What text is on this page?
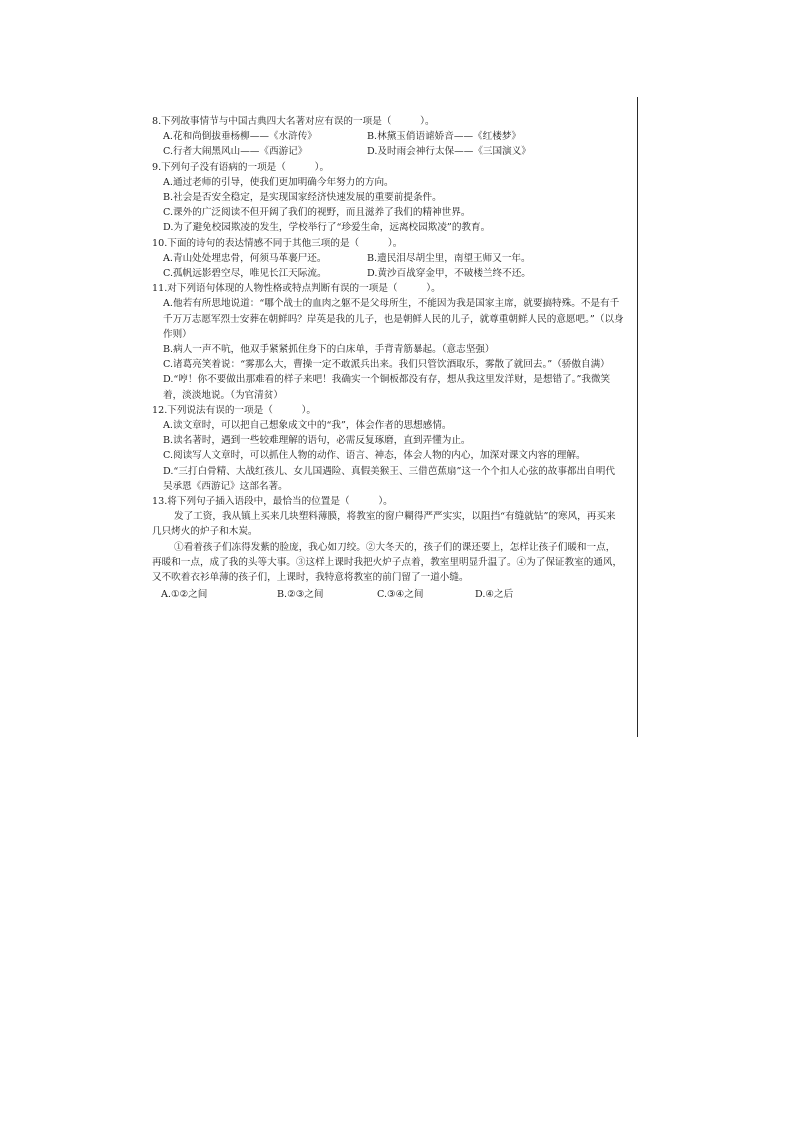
8.下列故事情节与中国古典四大名著对应有误的一项是（　　　）。
A.花和尚倒拔垂杨柳——《水浒传》	B.林黛玉俏语谑娇音——《红楼梦》
C.行者大闹黑风山——《西游记》	D.及时雨会神行太保——《三国演义》
9.下列句子没有语病的一项是（　　　）。
A.通过老师的引导，使我们更加明确今年努力的方向。
B.社会是否安全稳定，是实现国家经济快速发展的重要前提条件。
C.课外的广泛阅读不但开阔了我们的视野，而且滋养了我们的精神世界。
D.为了避免校园欺凌的发生，学校举行了“珍爱生命，远离校园欺凌”的教育。
10.下面的诗句的表达情感不同于其他三项的是（　　　）。
A.青山处处埋忠骨，何须马革裹尸还。	B.遗民泪尽胡尘里，南望王师又一年。
C.孤帆远影碧空尽，唯见长江天际流。	D.黄沙百战穿金甲，不破楼兰终不还。
11.对下列语句体现的人物性格或特点判断有误的一项是（　　　）。
A.他若有所思地说道：“哪个战士的血肉之躯不是父母所生，不能因为我是国家主席，就要搞特殊。不是有千千万万志愿军烈士安葬在朝鲜吗？岸英是我的儿子，也是朝鲜人民的儿子，就尊重朝鲜人民的意愿吧。”（以身作则）
B.病人一声不吭，他双手紧紧抓住身下的白床单，手背青筋暴起。（意志坚强）
C.诸葛亮笑着说：“雾那么大，曹操一定不敢派兵出来。我们只管饮酒取乐，雾散了就回去。”（骄傲自满）
D.“哼！你不要做出那难看的样子来吧！我确实一个铜板都没有存，想从我这里发洋财，是想错了。”我微笑着，淡淡地说。（为官清贫）
12.下列说法有误的一项是（　　　）。
A.读文章时，可以把自己想象成文中的“我”，体会作者的思想感情。
B.读名著时，遇到一些较难理解的语句，必需反复琢磨，直到弄懂为止。
C.阅读写人文章时，可以抓住人物的动作、语言、神态，体会人物的内心，加深对课文内容的理解。
D.“三打白骨精、大战红孩儿、女儿国遇险、真假美猴王、三借芭蕉扇”这一个个扣人心弦的故事都出自明代吴承恩《西游记》这部名著。
13.将下列句子插入语段中，最恰当的位置是（　　　）。
发了工资，我从镇上买来几块塑料薄膜，将教室的窗户糊得严严实实，以阻挡“有缝就钻”的寒风，再买来几只烤火的炉子和木炭。
①看着孩子们冻得发紫的脸庞，我心如刀绞。②大冬天的，孩子们的课还要上，怎样让孩子们暖和一点，再暖和一点，成了我的头等大事。③这样上课时我把火炉子点着，教室里明显升温了。④为了保证教室的通风，又不吹着衣衫单薄的孩子们，上课时，我特意将教室的前门留了一道小缝。
A.①②之间	B.②③之间	C.③④之间	D.④之后
